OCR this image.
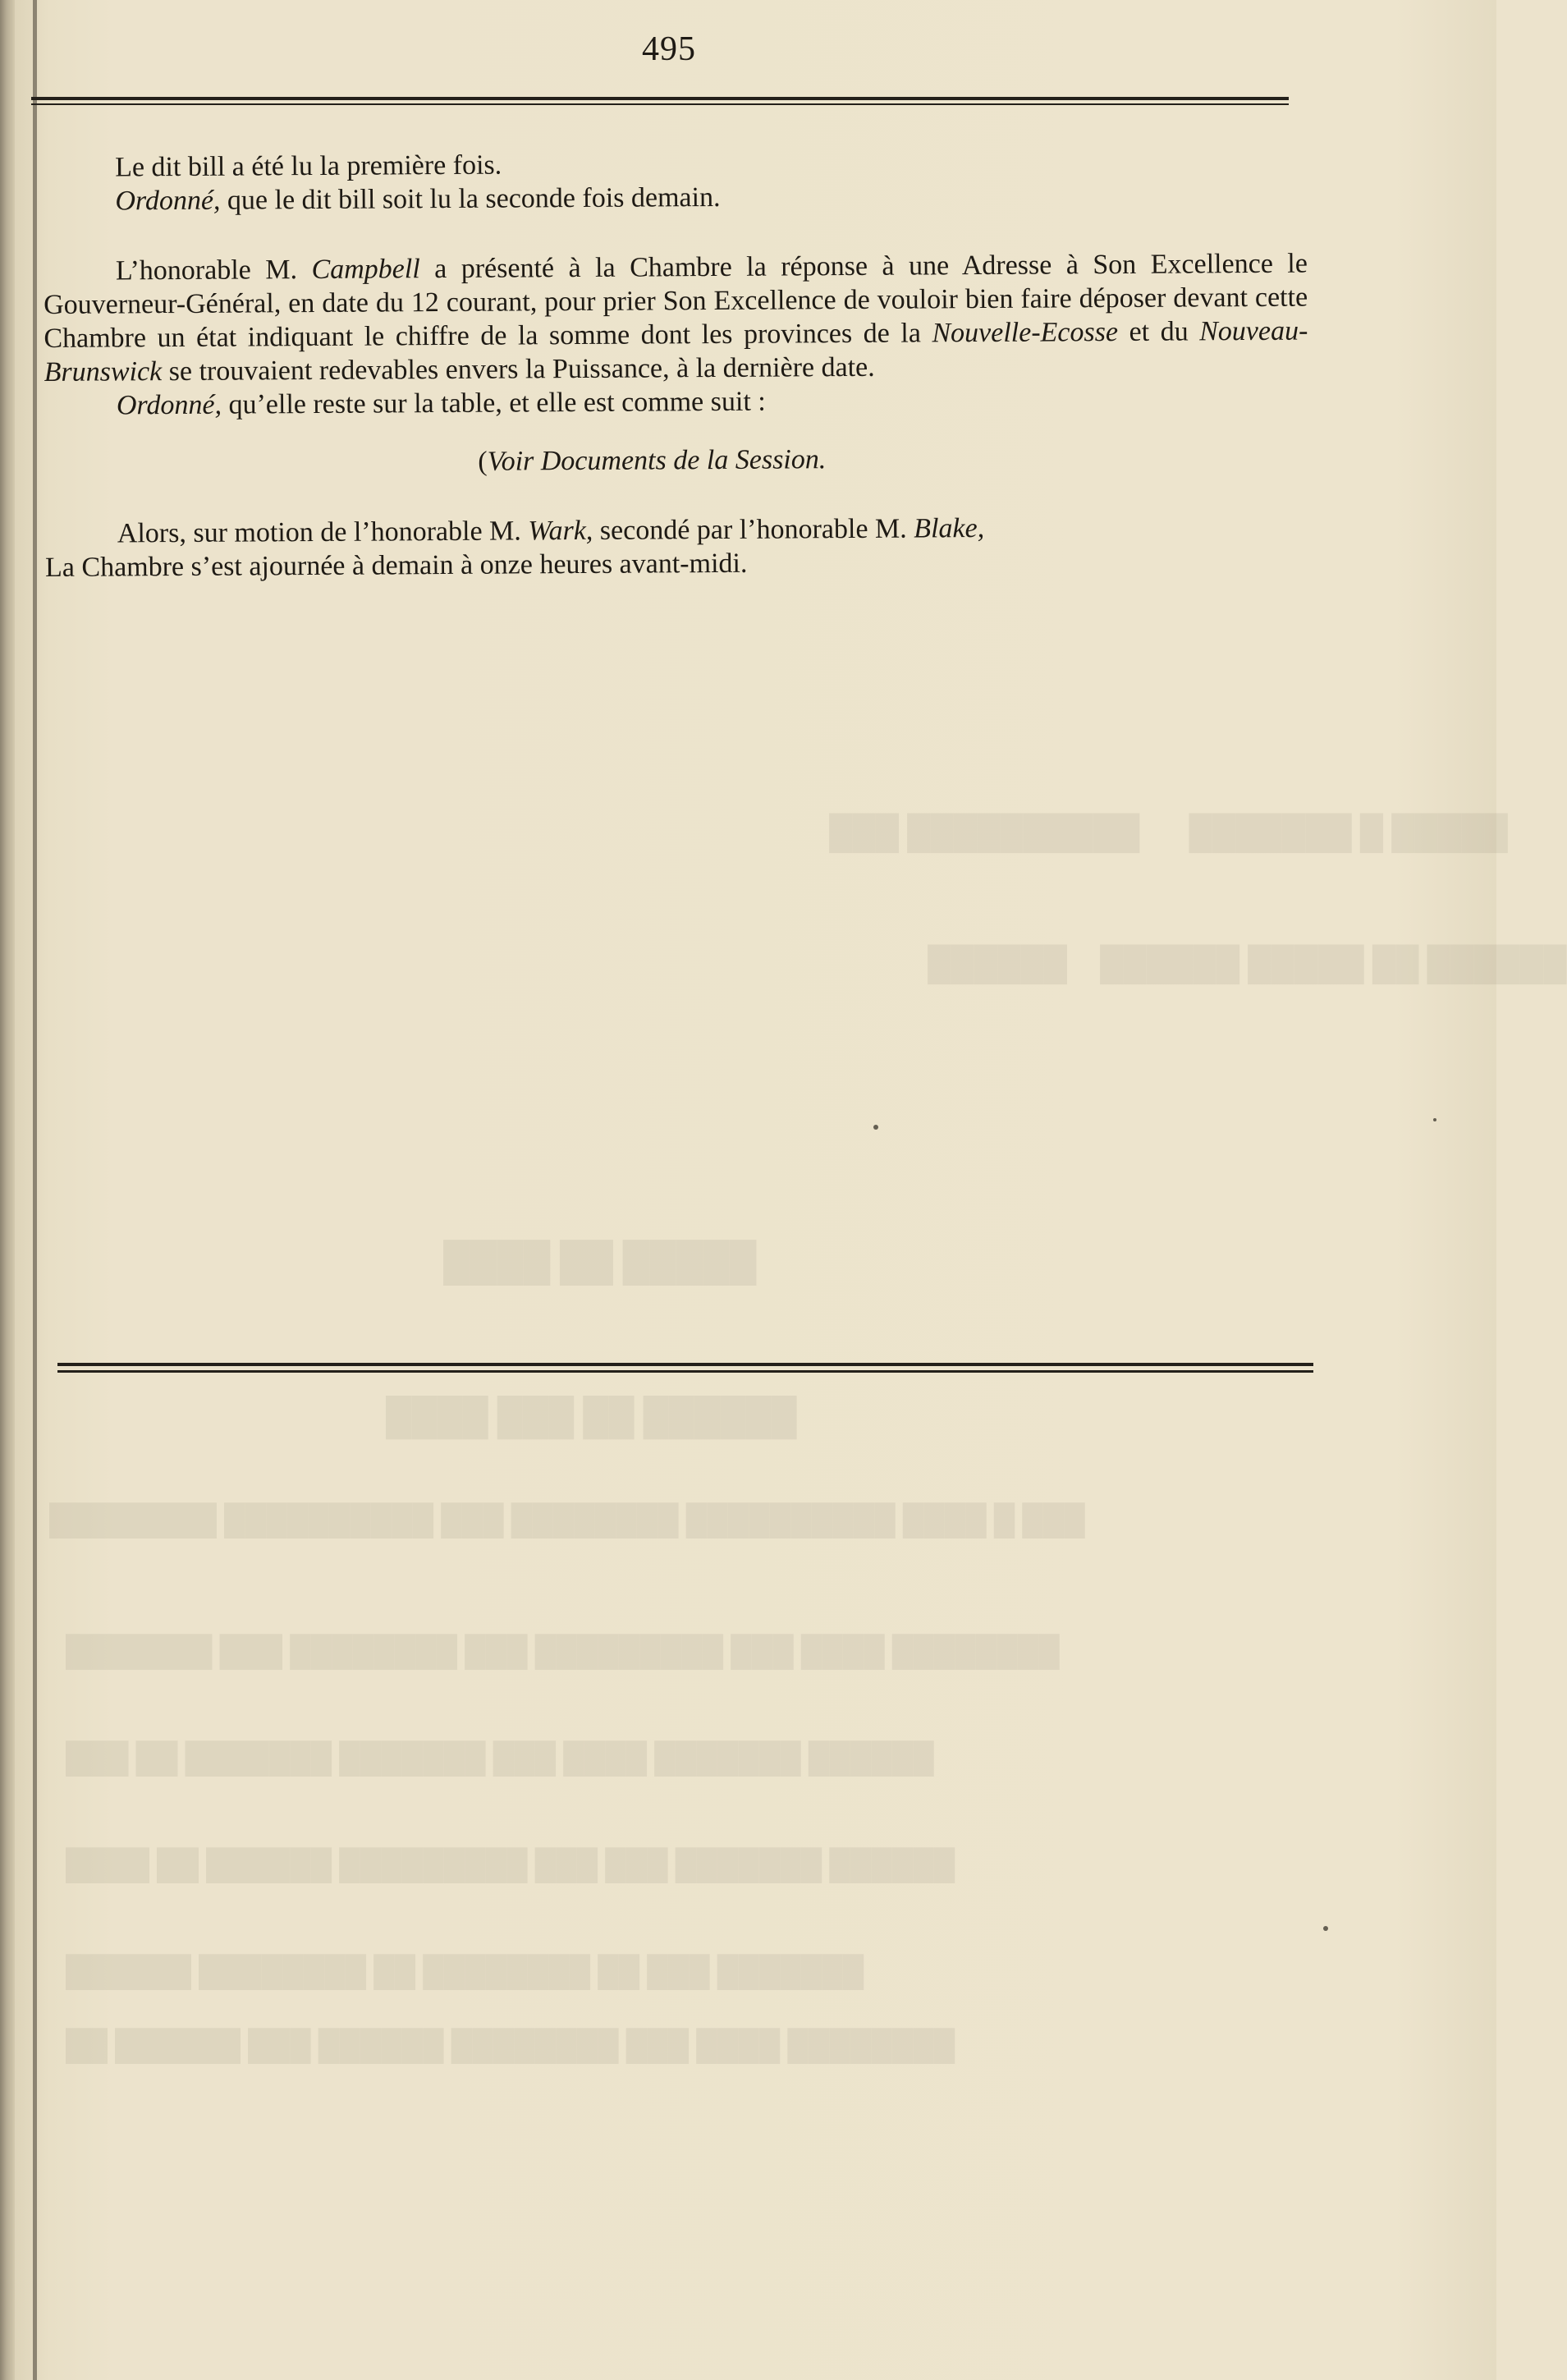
█████ █ ███████      ██████████ ███
██████ ██ █████ ██████    ██████
█████ ██ ████
██████ ██ ███ ████
███ █ ████ ██████████ ████████ ███ ██████████ ████████
████████ ████ ███ █████████ ███ ████████ ███ ███████
██████ ███████ ████ ███ ███████ ███████ ██ ███
██████ ███████ ███ ███ █████████ ██████ ██ ████
███████ ███ ██ ████████ ██ ████████ ██████
████████ ████ ███ ████████ ██████ ███ ██████ ██
495

Le dit bill a été lu la première fois.

Ordonné, que le dit bill soit lu la seconde fois demain.

L’honorable M. Campbell a présenté à la Chambre la réponse à une Adresse à Son Excellence le Gouverneur-Général, en date du 12 courant, pour prier Son Excellence de vouloir bien faire déposer devant cette Chambre un état indiquant le chiffre de la somme dont les provinces de la Nouvelle-Ecosse et du Nouveau-Brunswick se trouvaient redevables envers la Puissance, à la dernière date.

Ordonné, qu’elle reste sur la table, et elle est comme suit :

(Voir Documents de la Session.

Alors, sur motion de l’honorable M. Wark, secondé par l’honorable M. Blake,

La Chambre s’est ajournée à demain à onze heures avant-midi.
